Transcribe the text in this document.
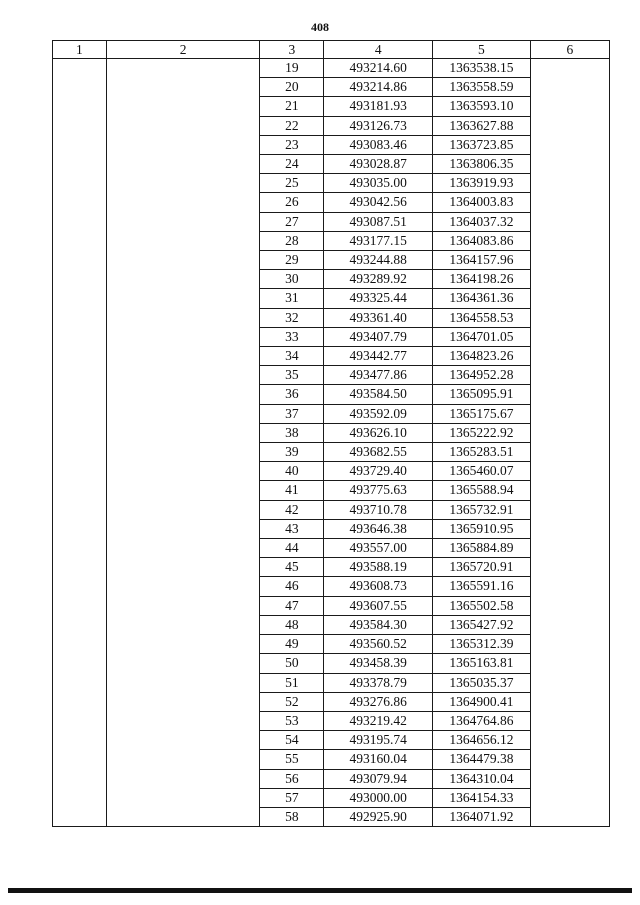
408
1	2	3	4	5	6
		19	493214.60	1363538.15	
		20	493214.86	1363558.59	
		21	493181.93	1363593.10	
		22	493126.73	1363627.88	
		23	493083.46	1363723.85	
		24	493028.87	1363806.35	
		25	493035.00	1363919.93	
		26	493042.56	1364003.83	
		27	493087.51	1364037.32	
		28	493177.15	1364083.86	
		29	493244.88	1364157.96	
		30	493289.92	1364198.26	
		31	493325.44	1364361.36	
		32	493361.40	1364558.53	
		33	493407.79	1364701.05	
		34	493442.77	1364823.26	
		35	493477.86	1364952.28	
		36	493584.50	1365095.91	
		37	493592.09	1365175.67	
		38	493626.10	1365222.92	
		39	493682.55	1365283.51	
		40	493729.40	1365460.07	
		41	493775.63	1365588.94	
		42	493710.78	1365732.91	
		43	493646.38	1365910.95	
		44	493557.00	1365884.89	
		45	493588.19	1365720.91	
		46	493608.73	1365591.16	
		47	493607.55	1365502.58	
		48	493584.30	1365427.92	
		49	493560.52	1365312.39	
		50	493458.39	1365163.81	
		51	493378.79	1365035.37	
		52	493276.86	1364900.41	
		53	493219.42	1364764.86	
		54	493195.74	1364656.12	
		55	493160.04	1364479.38	
		56	493079.94	1364310.04	
		57	493000.00	1364154.33	
		58	492925.90	1364071.92	
